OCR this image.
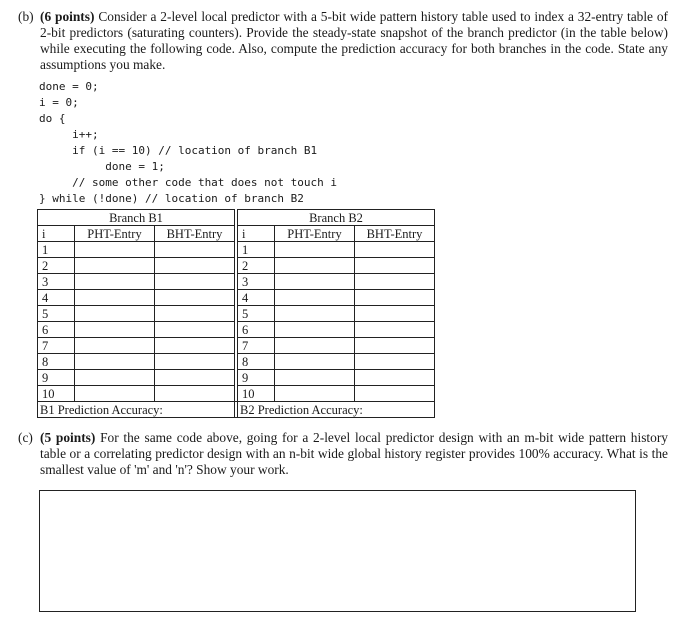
(b) (6 points) Consider a 2-level local predictor with a 5-bit wide pattern history table used to index a 32-entry table of 2-bit predictors (saturating counters). Provide the steady-state snapshot of the branch predictor (in the table below) while executing the following code. Also, compute the prediction accuracy for both branches in the code. State any assumptions you make.
done = 0;
i = 0;
do {
i++;
if (i == 10) // location of branch B1
done = 1;
// some other code that does not touch i
} while (!done) // location of branch B2
Branch B1				Branch B2		
i	PHT-Entry	BHT-Entry		i	PHT-Entry	BHT-Entry
1				1		
2				2		
3				3		
4				4		
5				5		
6				6		
7				7		
8				8		
9				9		
10				10		
B1 Prediction Accuracy:				B2 Prediction Accuracy:		
(c) (5 points) For the same code above, going for a 2-level local predictor design with an m-bit wide pattern history table or a correlating predictor design with an n-bit wide global history register provides 100% accuracy. What is the smallest value of 'm' and 'n'? Show your work.
